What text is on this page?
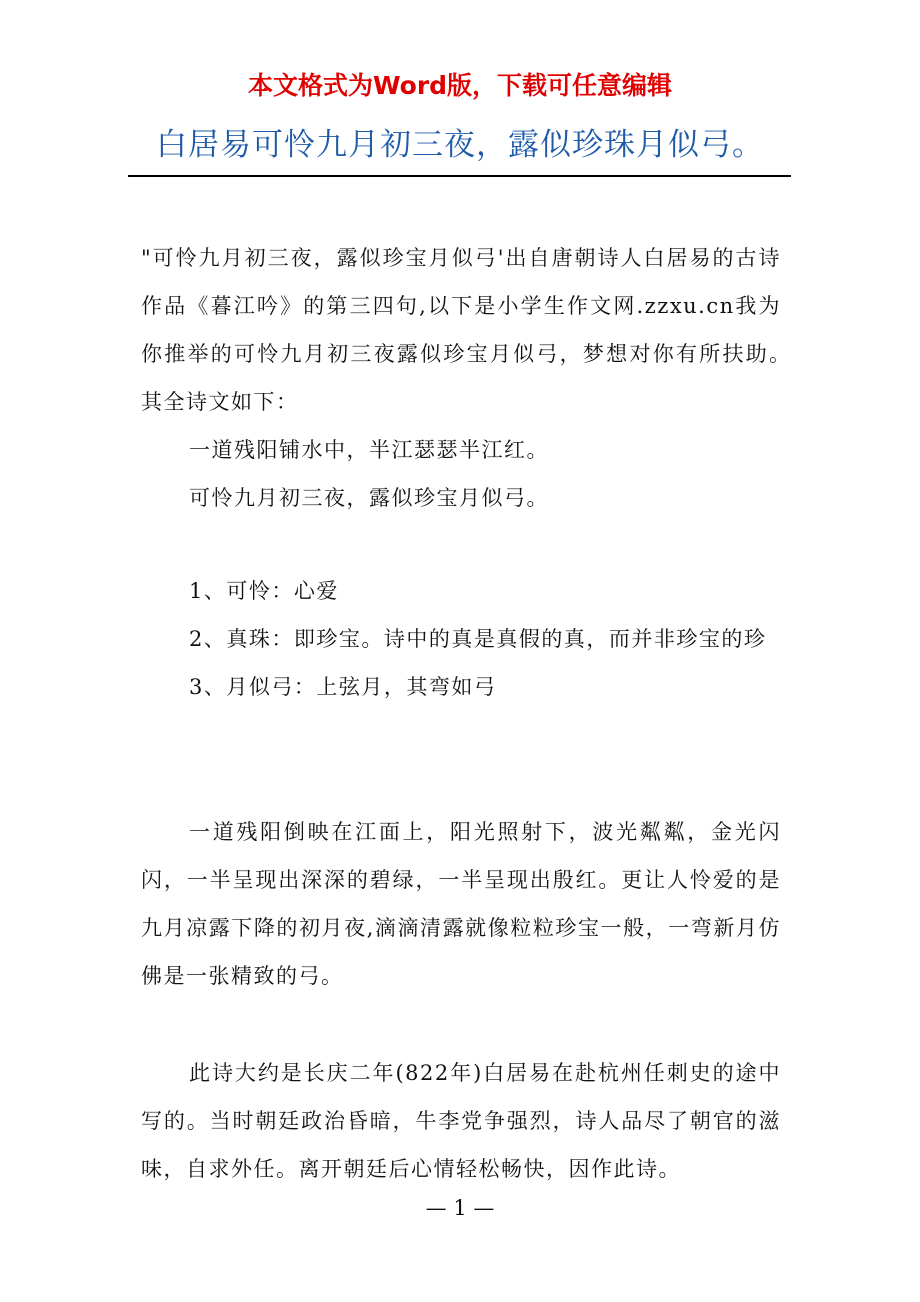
本文格式为Word版，下载可任意编辑
白居易可怜九月初三夜，露似珍珠月似弓。

"可怜九月初三夜，露似珍宝月似弓'出自唐朝诗人白居易的古诗作品《暮江吟》的第三四句,以下是小学生作文网.zzxu.cn我为你推举的可怜九月初三夜露似珍宝月似弓，梦想对你有所扶助。　　其全诗文如下：

一道残阳铺水中，半江瑟瑟半江红。

可怜九月初三夜，露似珍宝月似弓。

1、可怜：心爱

2、真珠：即珍宝。诗中的真是真假的真，而并非珍宝的珍

3、月似弓：上弦月，其弯如弓

一道残阳倒映在江面上，阳光照射下，波光粼粼，金光闪闪，一半呈现出深深的碧绿，一半呈现出殷红。更让人怜爱的是九月凉露下降的初月夜,滴滴清露就像粒粒珍宝一般，一弯新月仿佛是一张精致的弓。

此诗大约是长庆二年(822年)白居易在赴杭州任刺史的途中写的。当时朝廷政治昏暗，牛李党争强烈，诗人品尽了朝官的滋味，自求外任。离开朝廷后心情轻松畅快，因作此诗。

— 1 —
